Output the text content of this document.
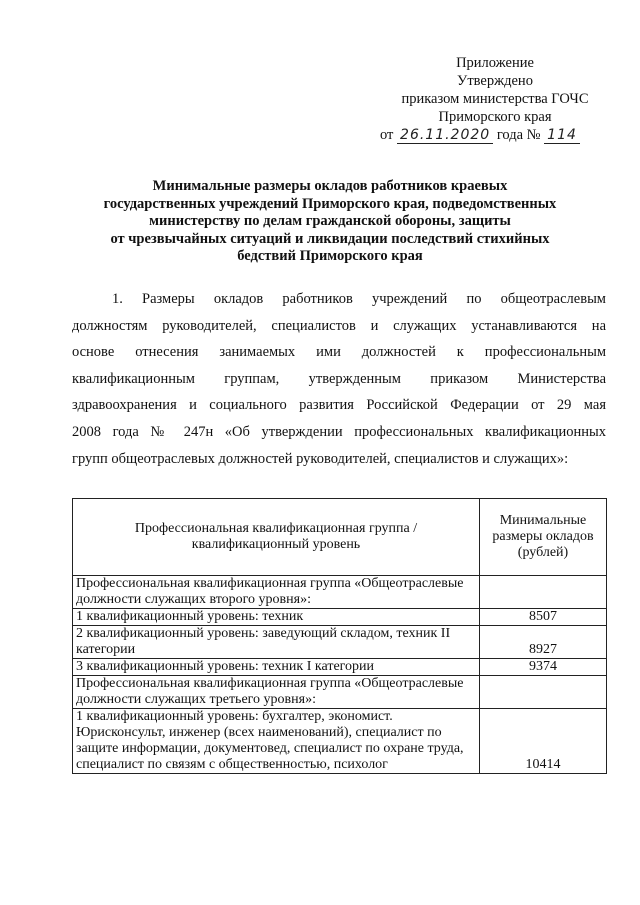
Приложение
Утверждено
приказом министерства ГОЧС
Приморского края
от 26.11.2020 года № 114
Минимальные размеры окладов работников краевых
государственных учреждений Приморского края, подведомственных
министерству по делам гражданской обороны, защиты
от чрезвычайных ситуаций и ликвидации последствий стихийных
бедствий Приморского края
1. Размеры окладов работников учреждений по общеотраслевым
должностям руководителей, специалистов и служащих устанавливаются на
основе отнесения занимаемых ими должностей к профессиональным
квалификационным группам, утвержденным приказом Министерства
здравоохранения и социального развития Российской Федерации от 29 мая
2008 года № 247н «Об утверждении профессиональных квалификационных
групп общеотраслевых должностей руководителей, специалистов и служащих»:
Профессиональная квалификационная группа / квалификационный уровень	Минимальные размеры окладов (рублей)
Профессиональная квалификационная группа «Общеотраслевые должности служащих второго уровня»:	
1 квалификационный уровень: техник	8507
2 квалификационный уровень: заведующий складом, техник II категории	8927
3 квалификационный уровень: техник I категории	9374
Профессиональная квалификационная группа «Общеотраслевые должности служащих третьего уровня»:	
1 квалификационный уровень: бухгалтер, экономист. Юрисконсульт, инженер (всех наименований), специалист по защите информации, документовед, специалист по охране труда, специалист по связям с общественностью, психолог	10414
